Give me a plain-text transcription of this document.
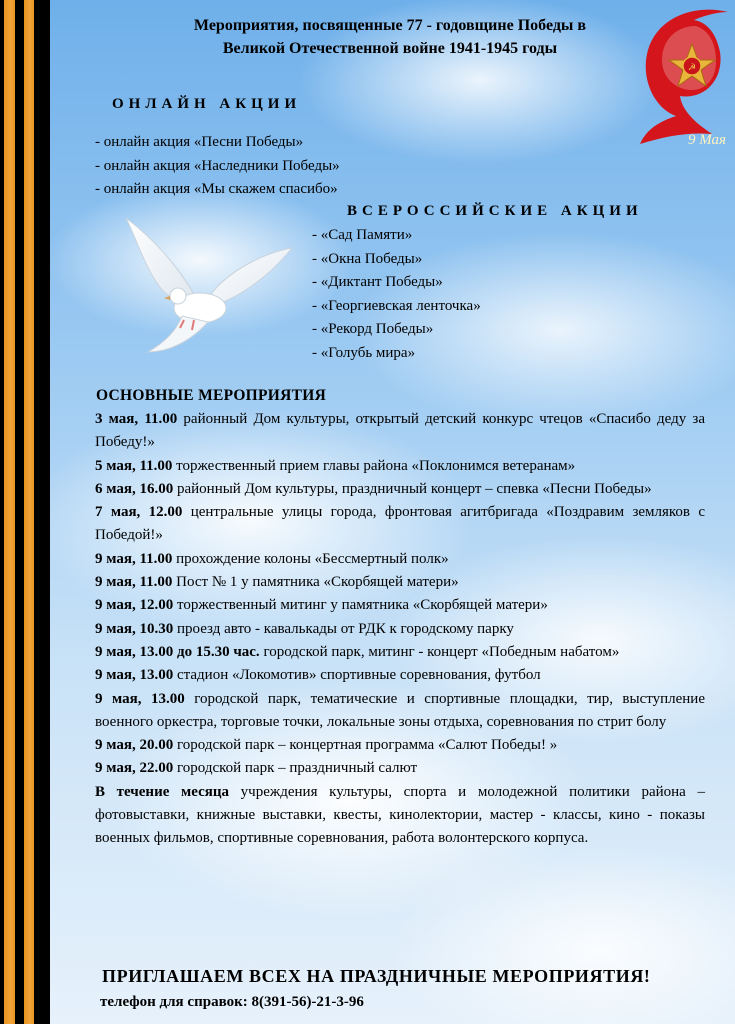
Мероприятия, посвященные 77 - годовщине Победы в
Великой Отечественной войне 1941-1945 годы
☭
9 Мая
ОНЛАЙН АКЦИИ
- онлайн акция «Песни Победы»
- онлайн акция «Наследники Победы»
- онлайн акция «Мы скажем спасибо»
ВСЕРОССИЙСКИЕ АКЦИИ
- «Сад Памяти»
- «Окна Победы»
- «Диктант Победы»
- «Георгиевская ленточка»
- «Рекорд Победы»
- «Голубь мира»
ОСНОВНЫЕ МЕРОПРИЯТИЯ
3 мая, 11.00 районный Дом культуры, открытый детский конкурс чтецов «Спасибо деду за Победу!»
5 мая, 11.00 торжественный прием главы района «Поклонимся ветеранам»
6 мая, 16.00 районный Дом культуры, праздничный концерт – спевка «Песни Победы»
7 мая, 12.00 центральные улицы города, фронтовая агитбригада «Поздравим земляков с Победой!»
9 мая, 11.00 прохождение колоны «Бессмертный полк»
9 мая, 11.00 Пост № 1 у памятника «Скорбящей матери»
9 мая, 12.00 торжественный митинг у памятника «Скорбящей матери»
9 мая, 10.30 проезд авто - кавалькады от РДК к городскому парку
9 мая, 13.00 до 15.30 час. городской парк, митинг - концерт «Победным набатом»
9 мая, 13.00 стадион «Локомотив» спортивные соревнования, футбол
9 мая, 13.00 городской парк, тематические и спортивные площадки, тир, выступление военного оркестра, торговые точки, локальные зоны отдыха, соревнования по стрит болу
9 мая, 20.00 городской парк – концертная программа «Салют Победы! »
9 мая, 22.00 городской парк – праздничный салют
В течение месяца учреждения культуры, спорта и молодежной политики района – фотовыставки, книжные выставки, квесты, кинолектории, мастер - классы, кино - показы военных фильмов, спортивные соревнования, работа волонтерского корпуса.
ПРИГЛАШАЕМ ВСЕХ НА ПРАЗДНИЧНЫЕ МЕРОПРИЯТИЯ!
телефон для справок: 8(391-56)-21-3-96
